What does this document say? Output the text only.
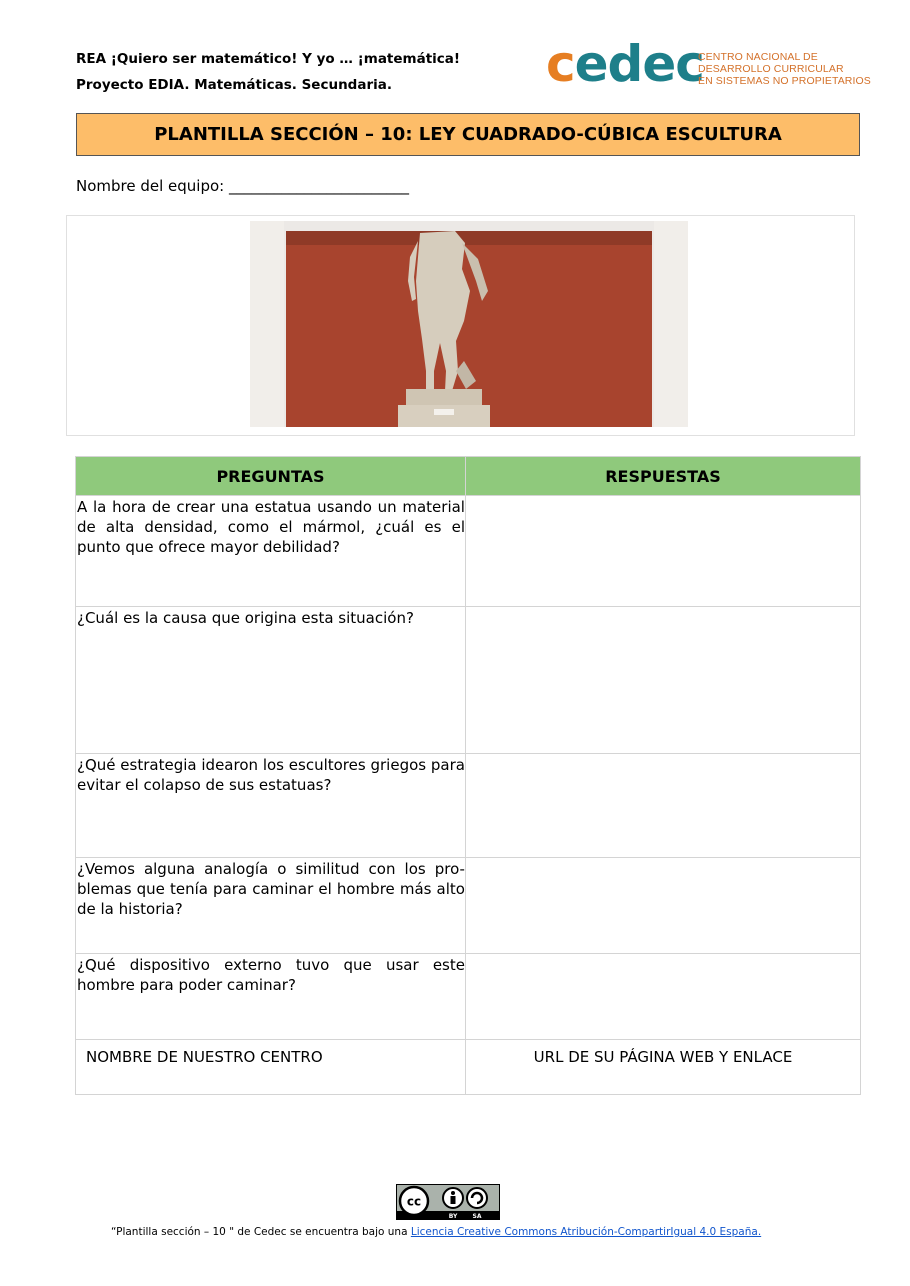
REA ¡Quiero ser matemático! Y yo … ¡matemática!
Proyecto EDIA. Matemáticas. Secundaria.	cedec
CENTRO NACIONAL DE
DESARROLLO CURRICULAR
EN SISTEMAS NO PROPIETARIOS
PLANTILLA SECCIÓN – 10: LEY CUADRADO-CÚBICA ESCULTURA
Nombre del equipo: ________________________
PREGUNTAS	RESPUESTAS
A la hora de crear una estatua usando un material de alta densidad, como el mármol, ¿cuál es el punto que ofrece mayor debilidad?	
¿Cuál es la causa que origina esta situación?	
¿Qué estrategia idearon los escultores griegos para evitar el colapso de sus estatuas?	
¿Vemos alguna analogía o similitud con los pro-blemas que tenía para caminar el hombre más alto de la historia?	
¿Qué dispositivo externo tuvo que usar este hombre para poder caminar?	
NOMBRE DE NUESTRO CENTRO	URL DE SU PÁGINA WEB Y ENLACE
cc
BY	SA
“Plantilla sección – 10 " de Cedec se encuentra bajo una Licencia Creative Commons Atribución-CompartirIgual 4.0 España.
